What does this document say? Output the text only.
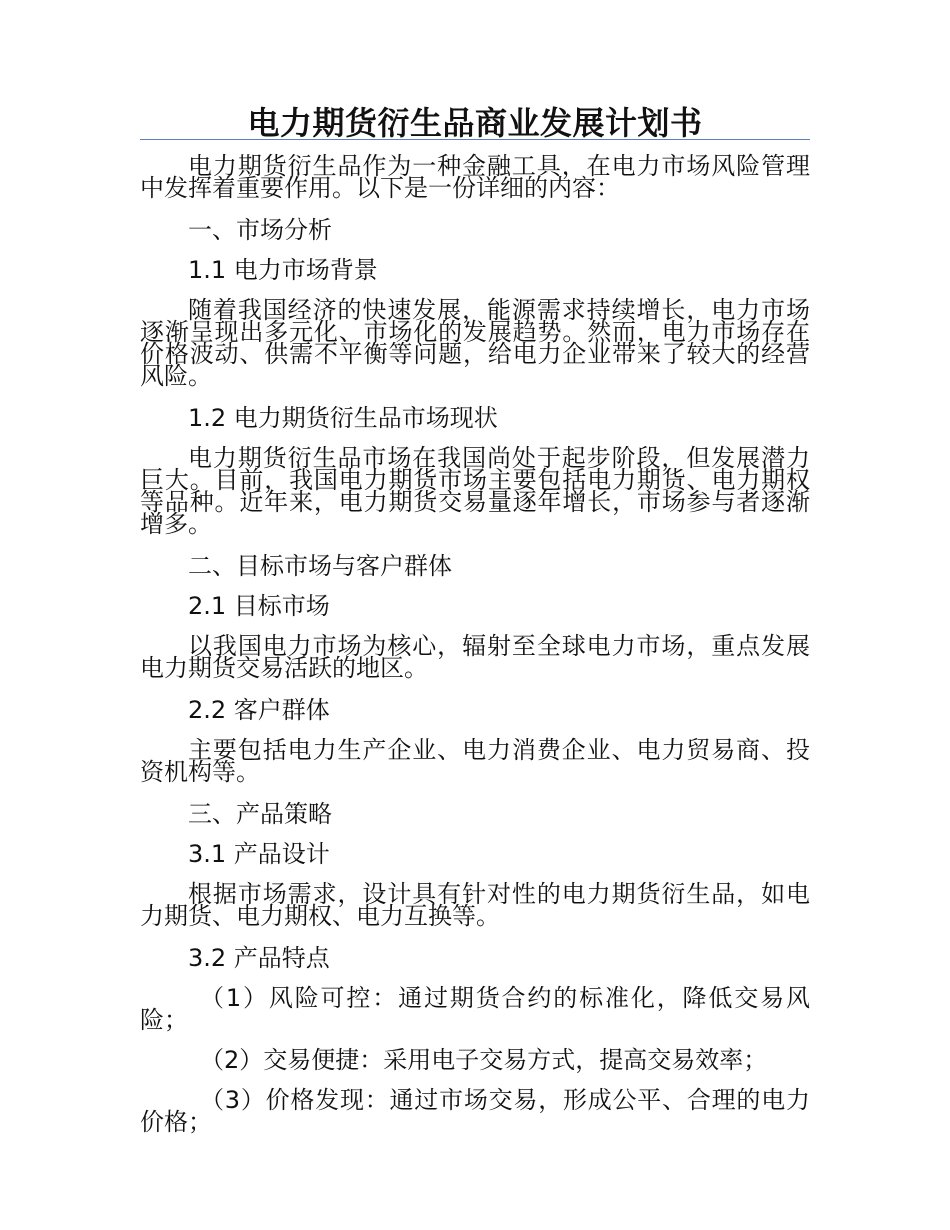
电力期货衍生品商业发展计划书

电力期货衍生品作为一种金融工具，在电力市场风险管理中发挥着重要作用。以下是一份详细的内容：

一、市场分析

1.1 电力市场背景

随着我国经济的快速发展，能源需求持续增长，电力市场逐渐呈现出多元化、市场化的发展趋势。然而，电力市场存在价格波动、供需不平衡等问题，给电力企业带来了较大的经营风险。

1.2 电力期货衍生品市场现状

电力期货衍生品市场在我国尚处于起步阶段，但发展潜力巨大。目前，我国电力期货市场主要包括电力期货、电力期权等品种。近年来，电力期货交易量逐年增长，市场参与者逐渐增多。

二、目标市场与客户群体

2.1 目标市场

以我国电力市场为核心，辐射至全球电力市场，重点发展电力期货交易活跃的地区。

2.2 客户群体

主要包括电力生产企业、电力消费企业、电力贸易商、投资机构等。

三、产品策略

3.1 产品设计

根据市场需求，设计具有针对性的电力期货衍生品，如电力期货、电力期权、电力互换等。

3.2 产品特点

（1）风险可控：通过期货合约的标准化，降低交易风险；

（2）交易便捷：采用电子交易方式，提高交易效率；

（3）价格发现：通过市场交易，形成公平、合理的电力价格；
